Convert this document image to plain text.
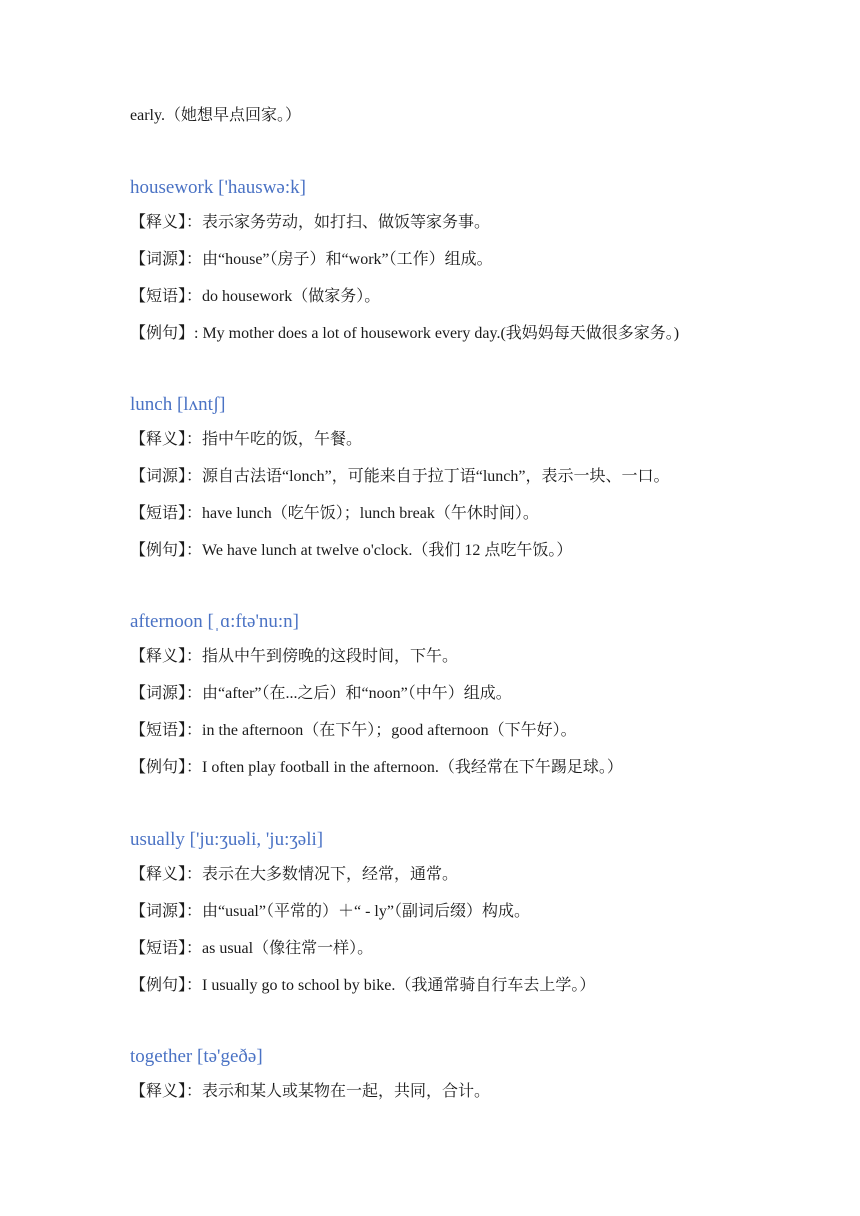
early.（她想早点回家。）
housework ['hauswə:k]
【释义】：表示家务劳动，如打扫、做饭等家务事。
【词源】：由“house”（房子）和“work”（工作）组成。
【短语】：do housework（做家务）。
【例句】: My mother does a lot of housework every day.(我妈妈每天做很多家务。)
lunch [lʌntʃ]
【释义】：指中午吃的饭，午餐。
【词源】：源自古法语“lonch”，可能来自于拉丁语“lunch”，表示一块、一口。
【短语】：have lunch（吃午饭）；lunch break（午休时间）。
【例句】：We have lunch at twelve o'clock.（我们 12 点吃午饭。）
afternoon [ˌɑ:ftə'nu:n]
【释义】：指从中午到傍晚的这段时间，下午。
【词源】：由“after”（在...之后）和“noon”（中午）组成。
【短语】：in the afternoon（在下午）；good afternoon（下午好）。
【例句】：I often play football in the afternoon.（我经常在下午踢足球。）
usually ['ju:ʒuəli, 'ju:ʒəli]
【释义】：表示在大多数情况下，经常，通常。
【词源】：由“usual”（平常的）＋“ - ly”（副词后缀）构成。
【短语】：as usual（像往常一样）。
【例句】：I usually go to school by bike.（我通常骑自行车去上学。）
together [tə'geðə]
【释义】：表示和某人或某物在一起，共同，合计。
